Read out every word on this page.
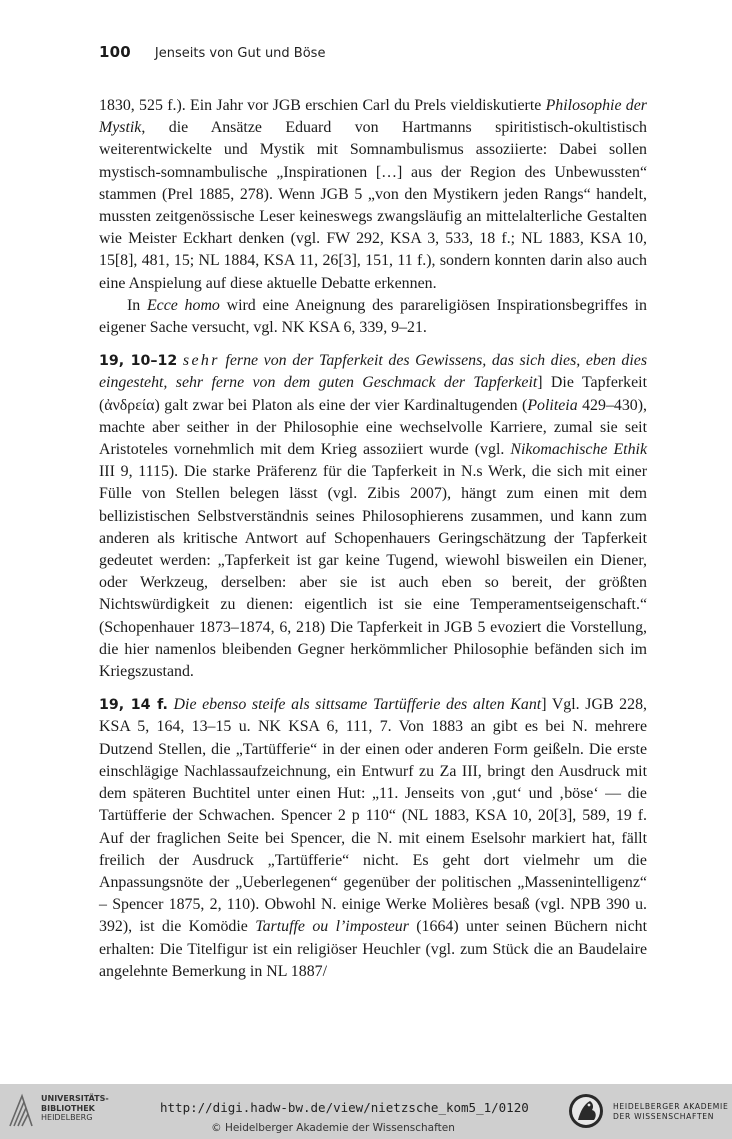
100 Jenseits von Gut und Böse

1830, 525 f.). Ein Jahr vor JGB erschien Carl du Prels vieldiskutierte Philosophie der Mystik, die Ansätze Eduard von Hartmanns spiritistisch-okultistisch weiterentwickelte und Mystik mit Somnambulismus assoziierte: Dabei sollen mystisch-somnambulische „Inspirationen […] aus der Region des Unbewussten“ stammen (Prel 1885, 278). Wenn JGB 5 „von den Mystikern jeden Rangs“ handelt, mussten zeitgenössische Leser keineswegs zwangsläufig an mittelalterliche Gestalten wie Meister Eckhart denken (vgl. FW 292, KSA 3, 533, 18 f.; NL 1883, KSA 10, 15[8], 481, 15; NL 1884, KSA 11, 26[3], 151, 11 f.), sondern konnten darin also auch eine Anspielung auf diese aktuelle Debatte erkennen.

In Ecce homo wird eine Aneignung des parareligiösen Inspirationsbegriffes in eigener Sache versucht, vgl. NK KSA 6, 339, 9–21.

19, 10–12 sehr ferne von der Tapferkeit des Gewissens, das sich dies, eben dies eingesteht, sehr ferne von dem guten Geschmack der Tapferkeit] Die Tapferkeit (ἀνδρεία) galt zwar bei Platon als eine der vier Kardinaltugenden (Politeia 429–430), machte aber seither in der Philosophie eine wechselvolle Karriere, zumal sie seit Aristoteles vornehmlich mit dem Krieg assoziiert wurde (vgl. Nikomachische Ethik III 9, 1115). Die starke Präferenz für die Tapferkeit in N.s Werk, die sich mit einer Fülle von Stellen belegen lässt (vgl. Zibis 2007), hängt zum einen mit dem bellizistischen Selbstverständnis seines Philosophierens zusammen, und kann zum anderen als kritische Antwort auf Schopenhauers Geringschätzung der Tapferkeit gedeutet werden: „Tapferkeit ist gar keine Tugend, wiewohl bisweilen ein Diener, oder Werkzeug, derselben: aber sie ist auch eben so bereit, der größten Nichtswürdigkeit zu dienen: eigentlich ist sie eine Temperamentseigenschaft.“ (Schopenhauer 1873–1874, 6, 218) Die Tapferkeit in JGB 5 evoziert die Vorstellung, die hier namenlos bleibenden Gegner herkömmlicher Philosophie befänden sich im Kriegszustand.

19, 14 f. Die ebenso steife als sittsame Tartüfferie des alten Kant] Vgl. JGB 228, KSA 5, 164, 13–15 u. NK KSA 6, 111, 7. Von 1883 an gibt es bei N. mehrere Dutzend Stellen, die „Tartüfferie“ in der einen oder anderen Form geißeln. Die erste einschlägige Nachlassaufzeichnung, ein Entwurf zu Za III, bringt den Ausdruck mit dem späteren Buchtitel unter einen Hut: „11. Jenseits von ‚gut‘ und ‚böse‘ — die Tartüfferie der Schwachen. Spencer 2 p 110“ (NL 1883, KSA 10, 20[3], 589, 19 f. Auf der fraglichen Seite bei Spencer, die N. mit einem Eselsohr markiert hat, fällt freilich der Ausdruck „Tartüfferie“ nicht. Es geht dort vielmehr um die Anpassungsnöte der „Ueberlegenen“ gegenüber der politischen „Massenintelligenz“ – Spencer 1875, 2, 110). Obwohl N. einige Werke Molières besaß (vgl. NPB 390 u. 392), ist die Komödie Tartuffe ou l’imposteur (1664) unter seinen Büchern nicht erhalten: Die Titelfigur ist ein religiöser Heuchler (vgl. zum Stück die an Baudelaire angelehnte Bemerkung in NL 1887/

UNIVERSITÄTS-
BIBLIOTHEK
HEIDELBERG
http://digi.hadw-bw.de/view/nietzsche_kom5_1/0120
© Heidelberger Akademie der Wissenschaften
HEIDELBERGER AKADEMIE
DER WISSENSCHAFTEN
